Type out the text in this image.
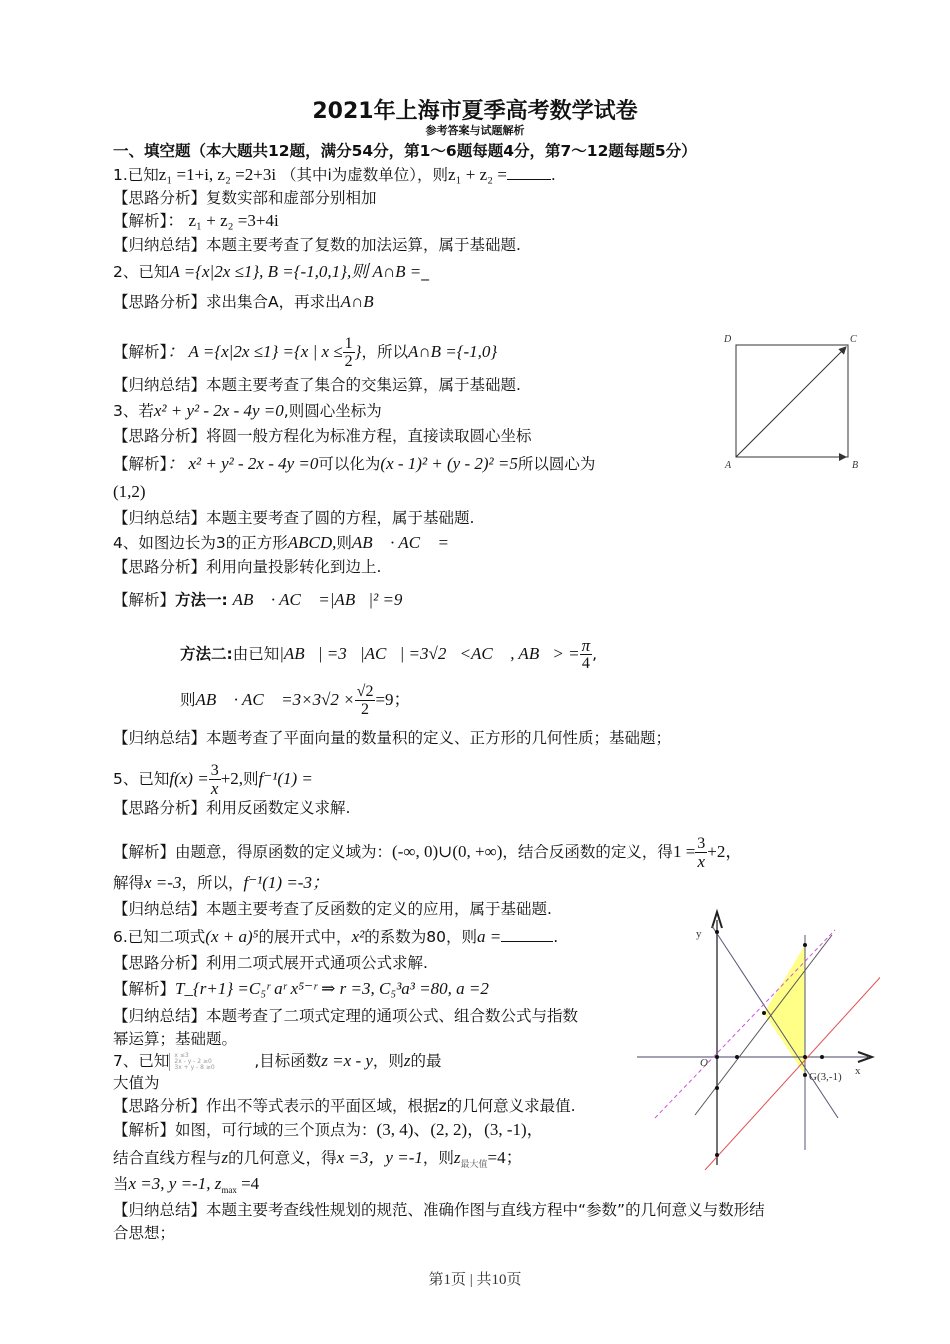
2021年上海市夏季高考数学试卷
参考答案与试题解析
一、填空题（本大题共12题，满分54分，第1～6题每题4分，第7～12题每题5分）
1.已知z₁ =1+i, z₂ =2+3i （其中i为虚数单位），则z₁ + z₂ =	.
【思路分析】复数实部和虚部分别相加
【解析】： z₁ + z₂ =3+4i
【归纳总结】本题主要考查了复数的加法运算，属于基础题.
2、已知A ={x|2x ≤1}, B ={-1,0,1},则 A∩B =_
【思路分析】求出集合A，再求出A∩B
【解析】： A ={x|2x ≤1} ={x | $x \le \frac{1}{2}$ }，所以A∩B ={-1,0}
【归纳总结】本题主要考查了集合的交集运算，属于基础题.
3、若x² + y² - 2x - 4y =0,则圆心坐标为
【思路分析】将圆一般方程化为标准方程，直接读取圆心坐标
【解析】： x² + y² - 2x - 4y =0可以化为(x - 1)² + (y - 2)² =5所以圆心为
(1,2)
【归纳总结】本题主要考查了圆的方程，属于基础题.
4、如图边长为3的正方形ABCD,则AB⃗ · AC⃗ =
【思路分析】利用向量投影转化到边上.
【解析】方法一: AB⃗ · AC⃗ =|AB⃗|² =9
方法二:由已知|AB⃗| =3，|AC⃗| =3√2，<AC⃗ , AB⃗> = $\frac{\pi}{4}$ ,
则AB⃗ · AC⃗ $=3\times 3√2 \times \frac{√2}{2} =9$；
【归纳总结】本题考查了平面向量的数量积的定义、正方形的几何性质；基础题；
5、已知$f(x) = \frac{3}{x} +2$,则f⁻¹(1) =
【思路分析】利用反函数定义求解.
【解析】由题意，得原函数的定义域为：(-∞, 0)∪(0, +∞)，结合反函数的定义，得$1 = \frac{3}{x} +2$，
解得x =-3，所以，f⁻¹(1) =-3；
【归纳总结】本题主要考查了反函数的定义的应用，属于基础题.
6.已知二项式(x + a)⁵的展开式中，x²的系数为80，则a =	.
【思路分析】利用二项式展开式通项公式求解.
【解析】T_{r+1} =C₅ʳ aʳ x⁵⁻ʳ ⇒ r =3, C₅³a³ =80, a =2
【归纳总结】本题考查了二项式定理的通项公式、组合数公式与指数
幂运算；基础题。
7、已知 x ≤3
2x - y - 2 ≥0
3x + y - 8 ≥0	,目标函数z =x - y，则z的最
大值为
【思路分析】作出不等式表示的平面区域，根据z的几何意义求最值.
【解析】如图，可行域的三个顶点为：(3, 4)、(2, 2)，(3, -1)，
结合直线方程与z的几何意义，得x =3，y =-1，则$z_{最大值}=4$；
当x =3, y =-1, $z_{max} =4$
【归纳总结】本题主要考查线性规划的规范、准确作图与直线方程中“参数”的几何意义与数形结
合思想；
A	B
C
D
y
x
O
G(3,-1)
第1页 | 共10页
